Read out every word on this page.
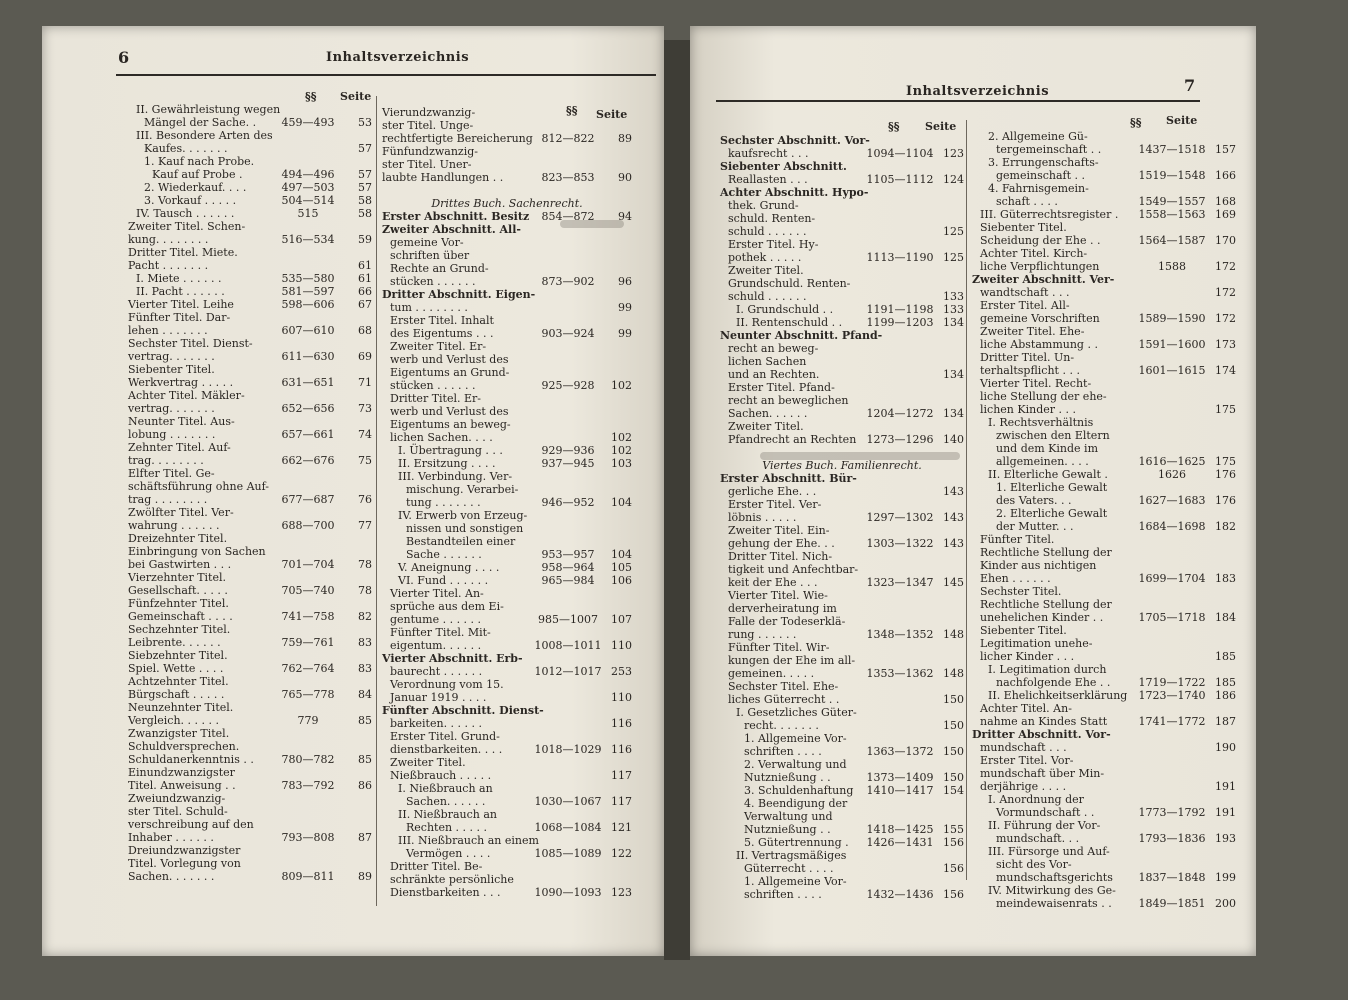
6	Inhaltsverzeichnis
§§ Seite
§§ Seite
II. Gewährleistung wegen
Mängel der Sache. .	459—493	53
III. Besondere Arten des
Kaufes. . . . . . .	57
1. Kauf nach Probe.
Kauf auf Probe .	494—496	57
2. Wiederkauf. . . .	497—503	57
3. Vorkauf . . . . .	504—514	58
IV. Tausch . . . . . .	515	58
Zweiter Titel. Schen-
kung. . . . . . . .	516—534	59
Dritter Titel. Miete.
Pacht . . . . . . .	61
I. Miete . . . . . .	535—580	61
II. Pacht . . . . . .	581—597	66
Vierter Titel. Leihe	598—606	67
Fünfter Titel. Dar-
lehen . . . . . . .	607—610	68
Sechster Titel. Dienst-
vertrag. . . . . . .	611—630	69
Siebenter Titel.
Werkvertrag . . . . .	631—651	71
Achter Titel. Mäkler-
vertrag. . . . . . .	652—656	73
Neunter Titel. Aus-
lobung . . . . . . .	657—661	74
Zehnter Titel. Auf-
trag. . . . . . . .	662—676	75
Elfter Titel. Ge-
schäftsführung ohne Auf-
trag . . . . . . . .	677—687	76
Zwölfter Titel. Ver-
wahrung . . . . . .	688—700	77
Dreizehnter Titel.
Einbringung von Sachen
bei Gastwirten . . .	701—704	78
Vierzehnter Titel.
Gesellschaft. . . . .	705—740	78
Fünfzehnter Titel.
Gemeinschaft . . . .	741—758	82
Sechzehnter Titel.
Leibrente. . . . . .	759—761	83
Siebzehnter Titel.
Spiel. Wette . . . .	762—764	83
Achtzehnter Titel.
Bürgschaft . . . . .	765—778	84
Neunzehnter Titel.
Vergleich. . . . . .	779	85
Zwanzigster Titel.
Schuldversprechen.
Schuldanerkenntnis . .	780—782	85
Einundzwanzigster
Titel. Anweisung . .	783—792	86
Zweiundzwanzig-
ster Titel. Schuld-
verschreibung auf den
Inhaber . . . . . .	793—808	87
Dreiundzwanzigster
Titel. Vorlegung von
Sachen. . . . . . .	809—811	89
Vierundzwanzig-
ster Titel. Unge-
rechtfertigte Bereicherung 812—822	89
Fünfundzwanzig-
ster Titel. Uner-
laubte Handlungen . .	823—853	90
Drittes Buch. Sachenrecht.
Erster Abschnitt. Besitz	854—872	94
Zweiter Abschnitt. All-
gemeine Vor-
schriften über
Rechte an Grund-
stücken . . . . . .	873—902	96
Dritter Abschnitt. Eigen-
tum . . . . . . . .	99
Erster Titel. Inhalt
des Eigentums . . .	903—924	99
Zweiter Titel. Er-
werb und Verlust des
Eigentums an Grund-
stücken . . . . . .	925—928	102
Dritter Titel. Er-
werb und Verlust des
Eigentums an beweg-
lichen Sachen. . . .	102
I. Übertragung . . .	929—936	102
II. Ersitzung . . . .	937—945	103
III. Verbindung. Ver-
mischung. Verarbei-
tung . . . . . . .	946—952	104
IV. Erwerb von Erzeug-
nissen und sonstigen
Bestandteilen einer
Sache . . . . . .	953—957	104
V. Aneignung . . . .	958—964	105
VI. Fund . . . . . .	965—984	106
Vierter Titel. An-
sprüche aus dem Ei-
gentume . . . . . .	985—1007	107
Fünfter Titel. Mit-
eigentum. . . . . .	1008—1011 110
Vierter Abschnitt. Erb-
baurecht . . . . . .	1012—1017 253
Verordnung vom 15.
Januar 1919 . . . .	110
Fünfter Abschnitt. Dienst-
barkeiten. . . . . .	116
Erster Titel. Grund-
dienstbarkeiten. . . .	1018—1029 116
Zweiter Titel.
Nießbrauch . . . . .	117
I. Nießbrauch an
Sachen. . . . . .	1030—1067 117
II. Nießbrauch an
Rechten . . . . .	1068—1084 121
III. Nießbrauch an einem
Vermögen . . . .	1085—1089 122
Dritter Titel. Be-
schränkte persönliche
Dienstbarkeiten . . .	1090—1093 123
Inhaltsverzeichnis	7
§§ Seite	§§ Seite
Sechster Abschnitt. Vor-
kaufsrecht . . .	1094—1104 123
Siebenter Abschnitt.
Reallasten . . .	1105—1112 124
Achter Abschnitt. Hypo-
thek. Grund-
schuld. Renten-
schuld . . . . . .	125
Erster Titel. Hy-
pothek . . . . .	1113—1190 125
Zweiter Titel.
Grundschuld. Renten-
schuld . . . . . .	133
I. Grundschuld . .	1191—1198 133
II. Rentenschuld . .	1199—1203 134
Neunter Abschnitt. Pfand-
recht an beweg-
lichen Sachen
und an Rechten.	134
Erster Titel. Pfand-
recht an beweglichen
Sachen. . . . . .	1204—1272 134
Zweiter Titel.
Pfandrecht an Rechten 1273—1296 140
Viertes Buch. Familienrecht.
Erster Abschnitt. Bür-
gerliche Ehe. . .	143
Erster Titel. Ver-
löbnis . . . . .	1297—1302 143
Zweiter Titel. Ein-
gehung der Ehe. . .	1303—1322 143
Dritter Titel. Nich-
tigkeit und Anfechtbar-
keit der Ehe . . .	1323—1347 145
Vierter Titel. Wie-
derverheiratung im
Falle der Todeserklä-
rung . . . . . .	1348—1352 148
Fünfter Titel. Wir-
kungen der Ehe im all-
gemeinen. . . . .	1353—1362 148
Sechster Titel. Ehe-
liches Güterrecht . .	150
I. Gesetzliches Güter-
recht. . . . . . .	150
1. Allgemeine Vor-
schriften . . . .	1363—1372 150
2. Verwaltung und
Nutznießung . .	1373—1409 150
3. Schuldenhaftung	1410—1417 154
4. Beendigung der
Verwaltung und
Nutznießung . .	1418—1425 155
5. Gütertrennung .	1426—1431 156
II. Vertragsmäßiges
Güterrecht . . . .	156
1. Allgemeine Vor-
schriften . . . .	1432—1436 156
2. Allgemeine Gü-
tergemeinschaft . .	1437—1518 157
3. Errungenschafts-
gemeinschaft . .	1519—1548 166
4. Fahrnisgemein-
schaft . . . .	1549—1557 168
III. Güterrechtsregister .	1558—1563 169
Siebenter Titel.
Scheidung der Ehe . .	1564—1587 170
Achter Titel. Kirch-
liche Verpflichtungen	1588	172
Zweiter Abschnitt. Ver-
wandtschaft . . .	172
Erster Titel. All-
gemeine Vorschriften	1589—1590 172
Zweiter Titel. Ehe-
liche Abstammung . .	1591—1600 173
Dritter Titel. Un-
terhaltspflicht . . .	1601—1615 174
Vierter Titel. Recht-
liche Stellung der ehe-
lichen Kinder . . .	175
I. Rechtsverhältnis
zwischen den Eltern
und dem Kinde im
allgemeinen. . . .	1616—1625 175
II. Elterliche Gewalt .	1626	176
1. Elterliche Gewalt
des Vaters. . .	1627—1683 176
2. Elterliche Gewalt
der Mutter. . .	1684—1698 182
Fünfter Titel.
Rechtliche Stellung der
Kinder aus nichtigen
Ehen . . . . . .	1699—1704 183
Sechster Titel.
Rechtliche Stellung der
unehelichen Kinder . .	1705—1718 184
Siebenter Titel.
Legitimation unehe-
licher Kinder . . .	185
I. Legitimation durch
nachfolgende Ehe . .	1719—1722 185
II. Ehelichkeitserklärung	1723—1740 186
Achter Titel. An-
nahme an Kindes Statt	1741—1772 187
Dritter Abschnitt. Vor-
mundschaft . . .	190
Erster Titel. Vor-
mundschaft über Min-
derjährige . . . .	191
I. Anordnung der
Vormundschaft . .	1773—1792 191
II. Führung der Vor-
mundschaft. . .	1793—1836 193
III. Fürsorge und Auf-
sicht des Vor-
mundschaftsgerichts	1837—1848 199
IV. Mitwirkung des Ge-
meindewaisenrats . .	1849—1851 200
